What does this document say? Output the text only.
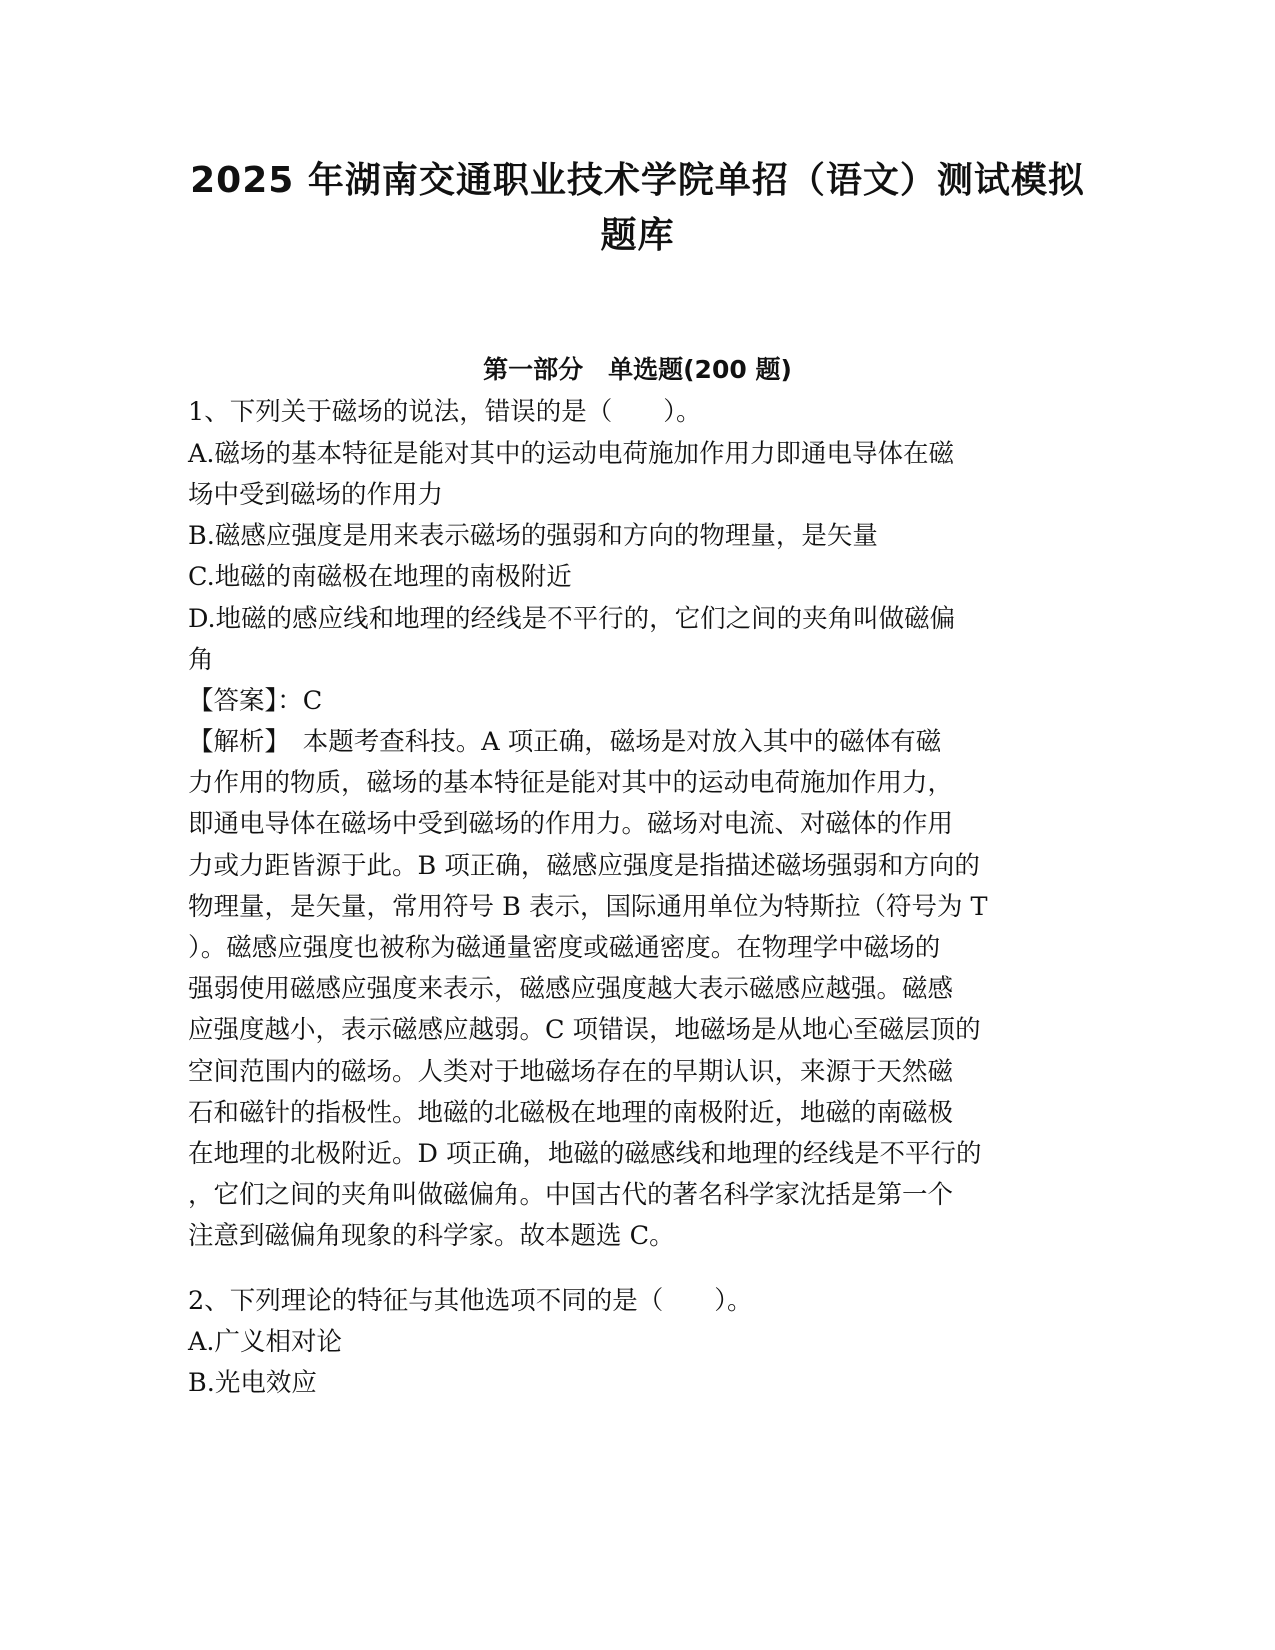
2025 年湖南交通职业技术学院单招（语文）测试模拟
题库
第一部分　单选题(200 题)
1、下列关于磁场的说法，错误的是（　　）。
A.磁场的基本特征是能对其中的运动电荷施加作用力即通电导体在磁
场中受到磁场的作用力
B.磁感应强度是用来表示磁场的强弱和方向的物理量，是矢量
C.地磁的南磁极在地理的南极附近
D.地磁的感应线和地理的经线是不平行的，它们之间的夹角叫做磁偏
角
【答案】：C
【解析】　本题考查科技。A 项正确，磁场是对放入其中的磁体有磁
力作用的物质，磁场的基本特征是能对其中的运动电荷施加作用力，
即通电导体在磁场中受到磁场的作用力。磁场对电流、对磁体的作用
力或力距皆源于此。B 项正确，磁感应强度是指描述磁场强弱和方向的
物理量，是矢量，常用符号 B 表示，国际通用单位为特斯拉（符号为 T
）。磁感应强度也被称为磁通量密度或磁通密度。在物理学中磁场的
强弱使用磁感应强度来表示，磁感应强度越大表示磁感应越强。磁感
应强度越小，表示磁感应越弱。C 项错误，地磁场是从地心至磁层顶的
空间范围内的磁场。人类对于地磁场存在的早期认识，来源于天然磁
石和磁针的指极性。地磁的北磁极在地理的南极附近，地磁的南磁极
在地理的北极附近。D 项正确，地磁的磁感线和地理的经线是不平行的
，它们之间的夹角叫做磁偏角。中国古代的著名科学家沈括是第一个
注意到磁偏角现象的科学家。故本题选 C。
2、下列理论的特征与其他选项不同的是（　　）。
A.广义相对论
B.光电效应
